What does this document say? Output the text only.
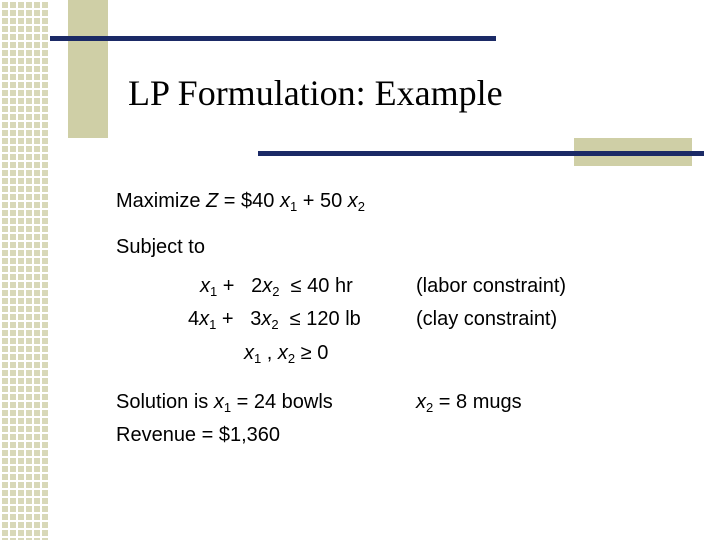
LP Formulation: Example
Maximize Z = $40 $x_1 + 50$ $x_2$
Subject to
$x_1 + 2x_2 \le 40$ hr	(labor constraint)
$4x_1 + 3x_2 \le 120$ lb	(clay constraint)
$x_1$ , $x_2 \ge 0$
Solution is $x_1 = 24$ bowls	$x_2 = 8$ mugs
Revenue = $1,360
